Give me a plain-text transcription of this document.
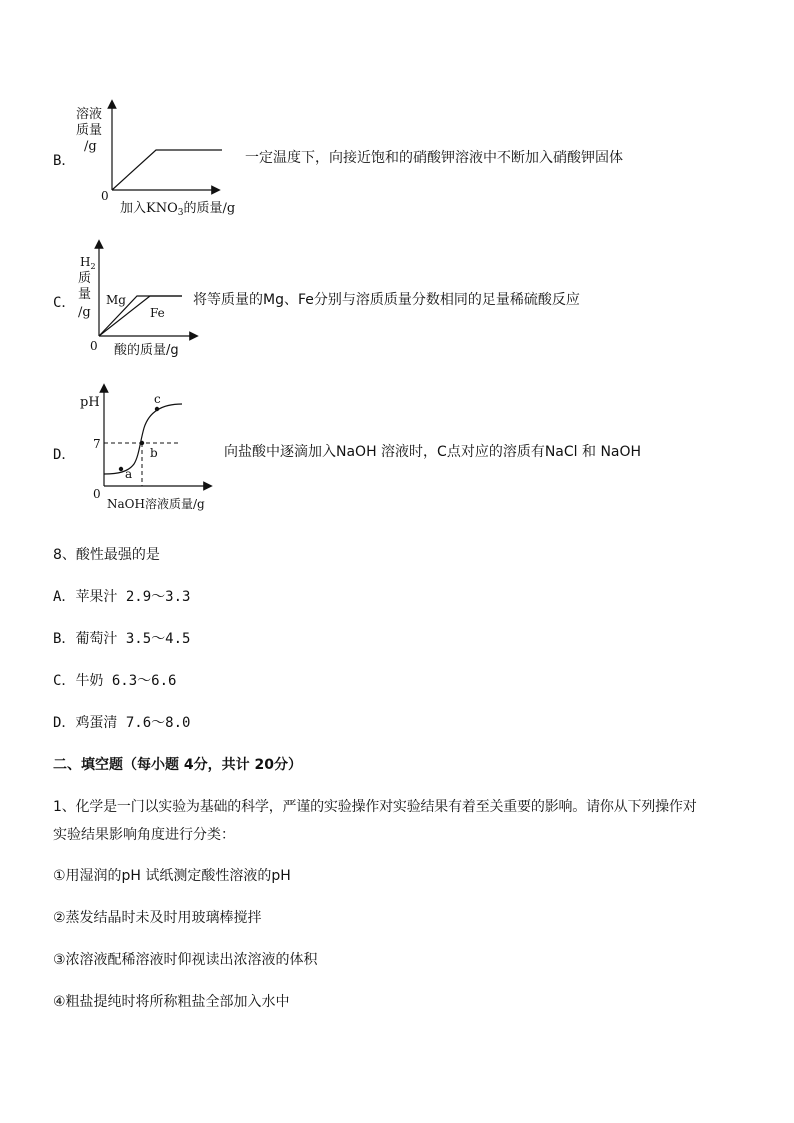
B．
溶液
质量
/g
0
加入$KNO_3$的质量/g
一定温度下，向接近饱和的硝酸钾溶液中不断加入硝酸钾固体
C．
$H_2$
质
量
/g
Mg
Fe
0 酸的质量/g
将等质量的Mg、Fe分别与溶质质量分数相同的足量稀硫酸反应
D．
pH
7
a
b
c
0
NaOH溶液质量/g
向盐酸中逐滴加入NaOH 溶液时，C点对应的溶质有NaCl 和 NaOH
8、酸性最强的是
A．苹果汁 2.9～3.3
B．葡萄汁 3.5～4.5
C．牛奶 6.3～6.6
D．鸡蛋清 7.6～8.0
二、填空题（每小题 4分，共计 20分）
1、化学是一门以实验为基础的科学，严谨的实验操作对实验结果有着至关重要的影响。请你从下列操作对
实验结果影响角度进行分类：
①用湿润的pH 试纸测定酸性溶液的pH
②蒸发结晶时未及时用玻璃棒搅拌
③浓溶液配稀溶液时仰视读出浓溶液的体积
④粗盐提纯时将所称粗盐全部加入水中
